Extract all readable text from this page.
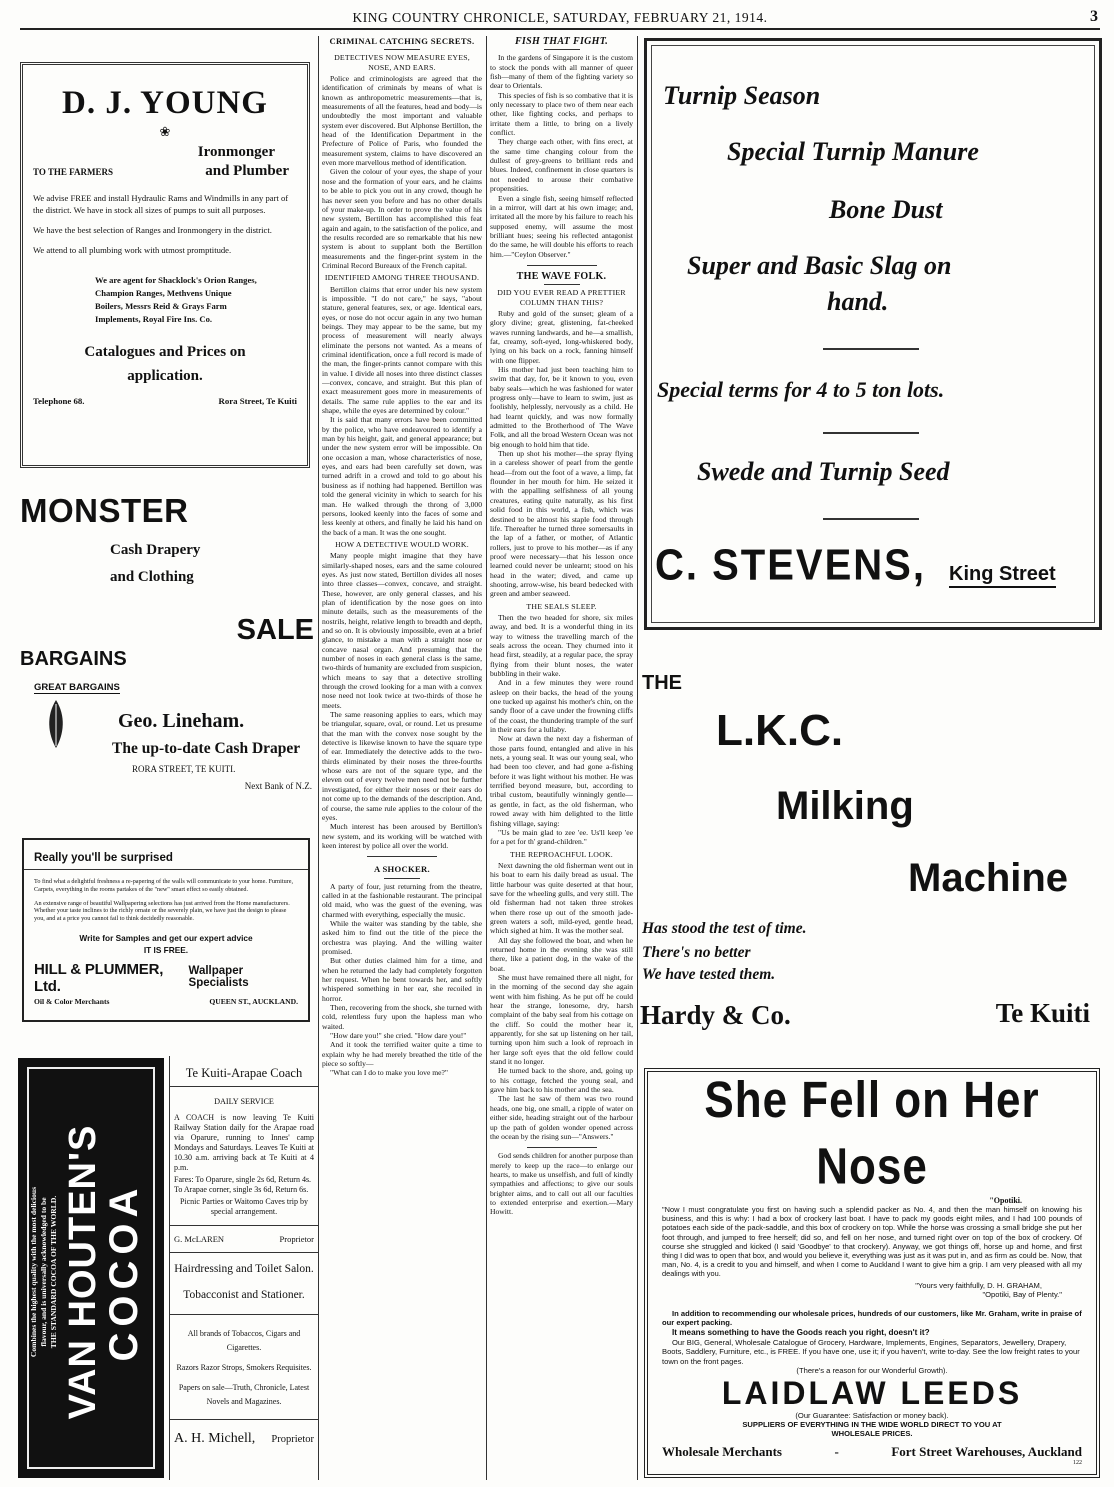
KING COUNTRY CHRONICLE, SATURDAY, FEBRUARY 21, 1914.	3
D. J. YOUNG
❀
Ironmonger
TO THE FARMERS	and Plumber

We advise FREE and install Hydraulic Rams and Windmills in any part of the district. We have in stock all sizes of pumps to suit all purposes.

We have the best selection of Ranges and Ironmongery in the district.

We attend to all plumbing work with utmost promptitude.

We are agent for Shacklock's Orion Ranges, Champion Ranges, Methvens Unique Boilers, Messrs Reid & Grays Farm Implements, Royal Fire Ins. Co.
Catalogues and Prices on application.
Telephone 68.	Rora Street, Te Kuiti
MONSTER
Cash Drapery
and Clothing
SALE
BARGAINS
GREAT BARGAINS
Geo. Lineham.
The up-to-date Cash Draper
RORA STREET, TE KUITI.
Next Bank of N.Z.
Really you'll be surprised
To find what a delightful freshness a re-papering of the walls will communicate to your home. Furniture, Carpets, everything in the rooms partakes of the "new" smart effect so easily obtained.
An extensive range of beautiful Wallpapering selections has just arrived from the Home manufacturers. Whether your taste inclines to the richly ornate or the severely plain, we have just the design to please you, and at a price you cannot fail to think decidedly reasonable.
Write for Samples and get our expert advice
IT IS FREE.
HILL & PLUMMER, Ltd.
Wallpaper Specialists
Oil & Color Merchants	QUEEN ST., AUCKLAND.
VAN HOUTEN'S
COCOA
Combines the highest quality with the most delicious flavour, and is universally acknowledged to be THE STANDARD COCOA OF THE WORLD.
Te Kuiti-Arapae Coach
DAILY SERVICE
A COACH is now leaving Te Kuiti Railway Station daily for the Arapae road via Oparure, running to Innes' camp Mondays and Saturdays. Leaves Te Kuiti at 10.30 a.m. arriving back at Te Kuiti at 4 p.m.
Fares: To Oparure, single 2s 6d, Return 4s.
To Arapae corner, single 3s 6d, Return 6s.
Picnic Parties or Waitomo Caves trip by special arrangement.
G. McLAREN	Proprietor
Hairdressing and Toilet Salon.
Tobacconist and Stationer.
All brands of Tobaccos, Cigars and Cigarettes.
Razors Razor Strops, Smokers Requisites.
Papers on sale—Truth, Chronicle, Latest Novels and Magazines.
A. H. Michell, Proprietor
CRIMINAL CATCHING SECRETS.
DETECTIVES NOW MEASURE EYES, NOSE, AND EARS.

Police and criminologists are agreed that the identification of criminals by means of what is known as anthropometric measurements—that is, measurements of all the features, head and body—is undoubtedly the most important and valuable system ever discovered. But Alphonse Bertillon, the head of the Identification Department in the Prefecture of Police of Paris, who founded the measurement system, claims to have discovered an even more marvellous method of identification.

Given the colour of your eyes, the shape of your nose and the formation of your ears, and he claims to be able to pick you out in any crowd, though he has never seen you before and has no other details of your make-up. In order to prove the value of his new system, Bertillon has accomplished this feat again and again, to the satisfaction of the police, and the results recorded are so remarkable that his new system is about to supplant both the Bertillon measurements and the finger-print system in the Criminal Record Bureaux of the French capital.

IDENTIFIED AMONG THREE THOUSAND.

Bertillon claims that error under his new system is impossible. "I do not care," he says, "about stature, general features, sex, or age. Identical ears, eyes, or nose do not occur again in any two human beings. They may appear to be the same, but my process of measurement will nearly always eliminate the persons not wanted. As a means of criminal identification, once a full record is made of the man, the finger-prints cannot compare with this in value. I divide all noses into three distinct classes—convex, concave, and straight. But this plan of exact measurement goes more in measurements of details. The same rule applies to the ear and its shape, while the eyes are determined by colour."

It is said that many errors have been committed by the police, who have endeavoured to identify a man by his height, gait, and general appearance; but under the new system error will be impossible. On one occasion a man, whose characteristics of nose, eyes, and ears had been carefully set down, was turned adrift in a crowd and told to go about his business as if nothing had happened. Bertillon was told the general vicinity in which to search for his man. He walked through the throng of 3,000 persons, looked keenly into the faces of some and less keenly at others, and finally he laid his hand on the back of a man. It was the one sought.

HOW A DETECTIVE WOULD WORK.

Many people might imagine that they have similarly-shaped noses, ears and the same coloured eyes. As just now stated, Bertillon divides all noses into three classes—convex, concave, and straight. These, however, are only general classes, and his plan of identification by the nose goes on into minute details, such as the measurements of the nostrils, height, relative length to breadth and depth, and so on. It is obviously impossible, even at a brief glance, to mistake a man with a straight nose or concave nasal organ. And presuming that the number of noses in each general class is the same, two-thirds of humanity are excluded from suspicion, which means to say that a detective strolling through the crowd looking for a man with a convex nose need not look twice at two-thirds of those he meets.

The same reasoning applies to ears, which may be triangular, square, oval, or round. Let us presume that the man with the convex nose sought by the detective is likewise known to have the square type of ear. Immediately the detective adds to the two-thirds eliminated by their noses the three-fourths whose ears are not of the square type, and the eleven out of every twelve men need not be further investigated, for either their noses or their ears do not come up to the demands of the description. And, of course, the same rule applies to the colour of the eyes.

Much interest has been aroused by Bertillon's new system, and its working will be watched with keen interest by police all over the world.

A SHOCKER.

A party of four, just returning from the theatre, called in at the fashionable restaurant. The principal old maid, who was the guest of the evening, was charmed with everything, especially the music.

While the waiter was standing by the table, she asked him to find out the title of the piece the orchestra was playing. And the willing waiter promised.

But other duties claimed him for a time, and when he returned the lady had completely forgotten her request. When he bent towards her, and softly whispered something in her ear, she recoiled in horror.

Then, recovering from the shock, she turned with cold, relentless fury upon the hapless man who waited.

"How dare you!" she cried. "How dare you!"

And it took the terrified waiter quite a time to explain why he had merely breathed the title of the piece so softly—

"What can I do to make you love me?"

FISH THAT FIGHT.

In the gardens of Singapore it is the custom to stock the ponds with all manner of queer fish—many of them of the fighting variety so dear to Orientals.

This species of fish is so combative that it is only necessary to place two of them near each other, like fighting cocks, and perhaps to irritate them a little, to bring on a lively conflict.

They charge each other, with fins erect, at the same time changing colour from the dullest of grey-greens to brilliant reds and blues. Indeed, confinement in close quarters is not needed to arouse their combative propensities.

Even a single fish, seeing himself reflected in a mirror, will dart at his own image; and, irritated all the more by his failure to reach his supposed enemy, will assume the most brilliant hues; seeing his reflected antagonist do the same, he will double his efforts to reach him.—"Ceylon Observer."

THE WAVE FOLK.
DID YOU EVER READ A PRETTIER COLUMN THAN THIS?

Ruby and gold of the sunset; gleam of a glory divine; great, glistening, fat-cheeked waves running landwards, and he—a smallish, fat, creamy, soft-eyed, long-whiskered body, lying on his back on a rock, fanning himself with one flipper.

His mother had just been teaching him to swim that day, for, be it known to you, even baby seals—which he was fashioned for water progress only—have to learn to swim, just as foolishly, helplessly, nervously as a child. He had learnt quickly, and was now formally admitted to the Brotherhood of The Wave Folk, and all the broad Western Ocean was not big enough to hold him that tide.

Then up shot his mother—the spray flying in a careless shower of pearl from the gentle head—from out the foot of a wave, a limp, fat flounder in her mouth for him. He seized it with the appalling selfishness of all young creatures, eating quite naturally, as his first solid food in this world, a fish, which was destined to be almost his staple food through life. Thereafter he turned three somersaults in the lap of a father, or mother, of Atlantic rollers, just to prove to his mother—as if any proof were necessary—that his lesson once learned could never be unlearnt; stood on his head in the water; dived, and came up shooting, arrow-wise, his beard bedecked with green and amber seaweed.

THE SEALS SLEEP.

Then the two headed for shore, six miles away, and bed. It is a wonderful thing in its way to witness the travelling march of the seals across the ocean. They churned into it head first, steadily, at a regular pace, the spray flying from their blunt noses, the water bubbling in their wake.

And in a few minutes they were round asleep on their backs, the head of the young one tucked up against his mother's chin, on the sandy floor of a cave under the frowning cliffs of the coast, the thundering trample of the surf in their ears for a lullaby.

Now at dawn the next day a fisherman of those parts found, entangled and alive in his nets, a young seal. It was our young seal, who had been too clever, and had gone a-fishing before it was light without his mother. He was terrified beyond measure, but, according to tribal custom, beautifully winningly gentle—as gentle, in fact, as the old fisherman, who rowed away with him delighted to the little fishing village, saying:

"Us be main glad to zee 'ee. Us'll keep 'ee for a pet for th' grand-children."

THE REPROACHFUL LOOK.

Next dawning the old fisherman went out in his boat to earn his daily bread as usual. The little harbour was quite deserted at that hour, save for the wheeling gulls, and very still. The old fisherman had not taken three strokes when there rose up out of the smooth jade-green waters a soft, mild-eyed, gentle head, which sighed at him. It was the mother seal.

All day she followed the boat, and when he returned home in the evening she was still there, like a patient dog, in the wake of the boat.

She must have remained there all night, for in the morning of the second day she again went with him fishing. As he put off he could hear the strange, lonesome, dry, harsh complaint of the baby seal from his cottage on the cliff. So could the mother hear it, apparently, for she sat up listening on her tail, turning upon him such a look of reproach in her large soft eyes that the old fellow could stand it no longer.

He turned back to the shore, and, going up to his cottage, fetched the young seal, and gave him back to his mother and the sea.

The last he saw of them was two round heads, one big, one small, a ripple of water on either side, heading straight out of the harbour up the path of golden wonder opened across the ocean by the rising sun—"Answers."

God sends children for another purpose than merely to keep up the race—to enlarge our hearts, to make us unselfish, and full of kindly sympathies and affections; to give our souls brighter aims, and to call out all our faculties to extended enterprise and exertion.—Mary Howitt.

Turnip Season
Special Turnip Manure
Bone Dust
Super and Basic Slag on
hand.
Special terms for 4 to 5 ton lots.
Swede and Turnip Seed
C. STEVENS, King Street
THE
L.K.C.
Milking
Machine
Has stood the test of time.
There's no better
We have tested them.
Hardy & Co.	Te Kuiti
She Fell on Her Nose
"Opotiki.
"Now I must congratulate you first on having such a splendid packer as No. 4, and then the man himself on knowing his business, and this is why: I had a box of crockery last boat. I have to pack my goods eight miles, and I had 100 pounds of potatoes each side of the pack-saddle, and this box of crockery on top. While the horse was crossing a small bridge she put her foot through, and jumped to free herself; did so, and fell on her nose, and turned right over on top of the box of crockery. Of course she struggled and kicked (I said 'Goodbye' to that crockery). Anyway, we got things off, horse up and home, and first thing I did was to open that box, and would you believe it, everything was just as it was put in, and as firm as could be. Now, that man, No. 4, is a credit to you and himself, and when I come to Auckland I want to give him a grip. I am very pleased with all my dealings with you.
"Yours very faithfully, D. H. GRAHAM,
"Opotiki, Bay of Plenty."
In addition to recommending our wholesale prices, hundreds of our customers, like Mr. Graham, write in praise of our expert packing.
It means something to have the Goods reach you right, doesn't it?
Our BIG, General, Wholesale Catalogue of Grocery, Hardware, Implements, Engines, Separators, Jewellery, Drapery, Boots, Saddlery, Furniture, etc., is FREE. If you have one, use it; if you haven't, write to-day. See the low freight rates to your town on the front pages.
(There's a reason for our Wonderful Growth).
LAIDLAW LEEDS
(Our Guarantee: Satisfaction or money back).
SUPPLIERS OF EVERYTHING IN THE WIDE WORLD DIRECT TO YOU AT WHOLESALE PRICES.
Wholesale Merchants	-	Fort Street Warehouses, Auckland
122
